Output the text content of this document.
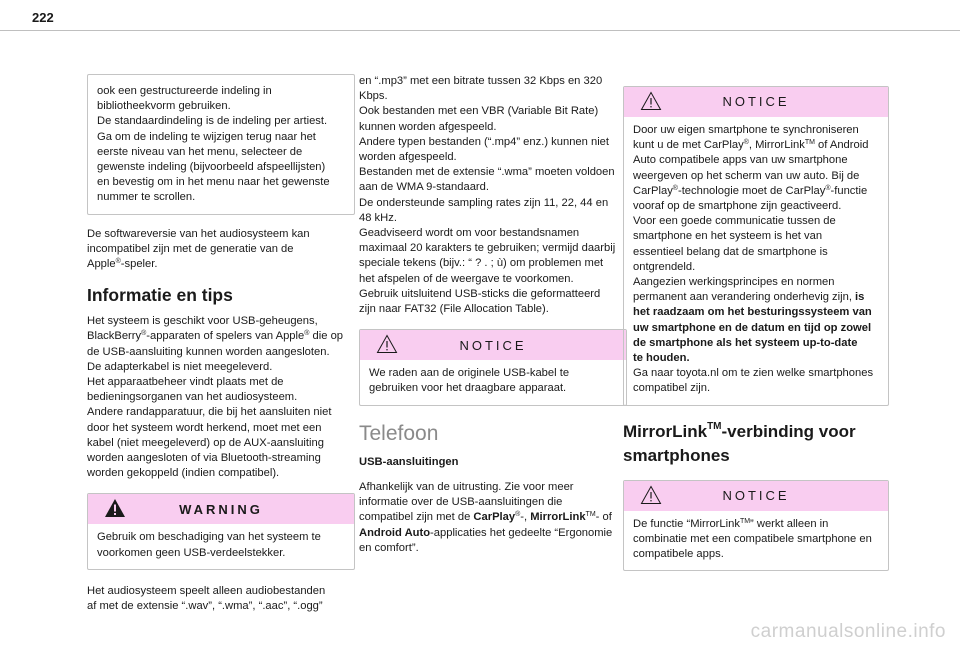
222
ook een gestructureerde indeling in
bibliotheekvorm gebruiken.
De standaardindeling is de indeling per artiest.
Ga om de indeling te wijzigen terug naar het
eerste niveau van het menu, selecteer de
gewenste indeling (bijvoorbeeld afspeellijsten)
en bevestig om in het menu naar het gewenste
nummer te scrollen.

De softwareversie van het audiosysteem kan
incompatibel zijn met de generatie van de
Apple®-speler.

Informatie en tips

Het systeem is geschikt voor USB-geheugens,
BlackBerry®-apparaten of spelers van Apple® die op
de USB-aansluiting kunnen worden aangesloten.
De adapterkabel is niet meegeleverd.
Het apparaatbeheer vindt plaats met de
bedieningsorganen van het audiosysteem.
Andere randapparatuur, die bij het aansluiten niet
door het systeem wordt herkend, moet met een
kabel (niet meegeleverd) op de AUX-aansluiting
worden aangesloten of via Bluetooth-streaming
worden gekoppeld (indien compatibel).

WARNING
Gebruik om beschadiging van het systeem te
voorkomen geen USB-verdeelstekker.

Het audiosysteem speelt alleen audiobestanden
af met de extensie “.wav”, “.wma”, “.aac”, “.ogg”

en “.mp3” met een bitrate tussen 32 Kbps en 320
Kbps.
Ook bestanden met een VBR (Variable Bit Rate)
kunnen worden afgespeeld.
Andere typen bestanden (“.mp4” enz.) kunnen niet
worden afgespeeld.
Bestanden met de extensie “.wma” moeten voldoen
aan de WMA 9-standaard.
De ondersteunde sampling rates zijn 11, 22, 44 en
48 kHz.
Geadviseerd wordt om voor bestandsnamen
maximaal 20 karakters te gebruiken; vermijd daarbij
speciale tekens (bijv.: “ ? . ; ù) om problemen met
het afspelen of de weergave te voorkomen.
Gebruik uitsluitend USB-sticks die geformatteerd
zijn naar FAT32 (File Allocation Table).

NOTICE
We raden aan de originele USB-kabel te
gebruiken voor het draagbare apparaat.
Telefoon
USB-aansluitingen

Afhankelijk van de uitrusting. Zie voor meer
informatie over de USB-aansluitingen die
compatibel zijn met de CarPlay®-, MirrorLink™- of
Android Auto-applicaties het gedeelte “Ergonomie
en comfort”.

NOTICE
Door uw eigen smartphone te synchroniseren
kunt u de met CarPlay®, MirrorLink™ of Android
Auto compatibele apps van uw smartphone
weergeven op het scherm van uw auto. Bij de
CarPlay®-technologie moet de CarPlay®-functie
vooraf op de smartphone zijn geactiveerd.
Voor een goede communicatie tussen de
smartphone en het systeem is het van
essentieel belang dat de smartphone is
ontgrendeld.
Aangezien werkingsprincipes en normen
permanent aan verandering onderhevig zijn, is
het raadzaam om het besturingssysteem van
uw smartphone en de datum en tijd op zowel
de smartphone als het systeem up-to-date
te houden.
Ga naar toyota.nl om te zien welke smartphones
compatibel zijn.
MirrorLink™-verbinding voor
smartphones
NOTICE
De functie “MirrorLink™” werkt alleen in
combinatie met een compatibele smartphone en
compatibele apps.
carmanualsonline.info
